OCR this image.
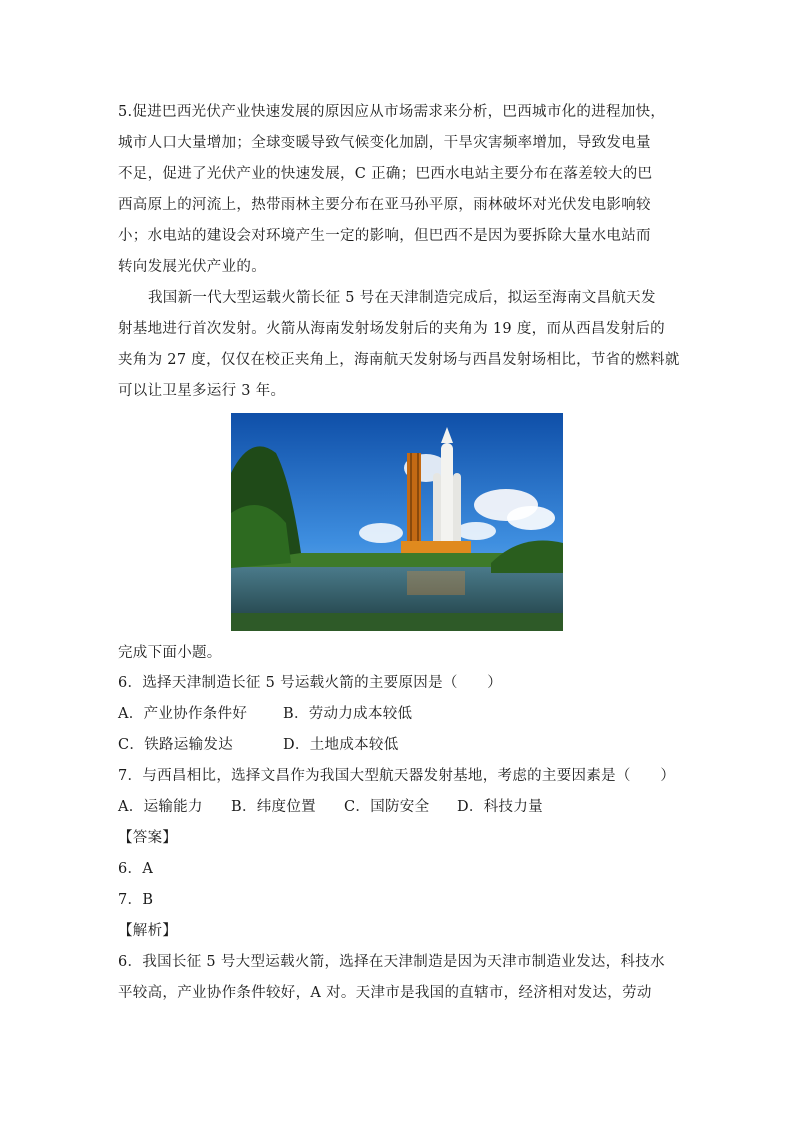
5.促进巴西光伏产业快速发展的原因应从市场需求来分析，巴西城市化的进程加快，
城市人口大量增加；全球变暖导致气候变化加剧，干旱灾害频率增加，导致发电量
不足，促进了光伏产业的快速发展，C 正确；巴西水电站主要分布在落差较大的巴
西高原上的河流上，热带雨林主要分布在亚马孙平原，雨林破坏对光伏发电影响较
小；水电站的建设会对环境产生一定的影响，但巴西不是因为要拆除大量水电站而
转向发展光伏产业的。
我国新一代大型运载火箭长征 5 号在天津制造完成后，拟运至海南文昌航天发
射基地进行首次发射。火箭从海南发射场发射后的夹角为 19 度，而从西昌发射后的
夹角为 27 度，仅仅在校正夹角上，海南航天发射场与西昌发射场相比，节省的燃料就
可以让卫星多运行 3 年。
完成下面小题。
6．选择天津制造长征 5 号运载火箭的主要原因是（　　）
A．产业协作条件好 B．劳动力成本较低
C．铁路运输发达	D．土地成本较低
7．与西昌相比，选择文昌作为我国大型航天器发射基地，考虑的主要因素是（　　）
A．运输能力 B．纬度位置 C．国防安全 D．科技力量
【答案】
6．A
7．B
【解析】
6．我国长征 5 号大型运载火箭，选择在天津制造是因为天津市制造业发达，科技水
平较高，产业协作条件较好，A 对。天津市是我国的直辖市，经济相对发达，劳动
